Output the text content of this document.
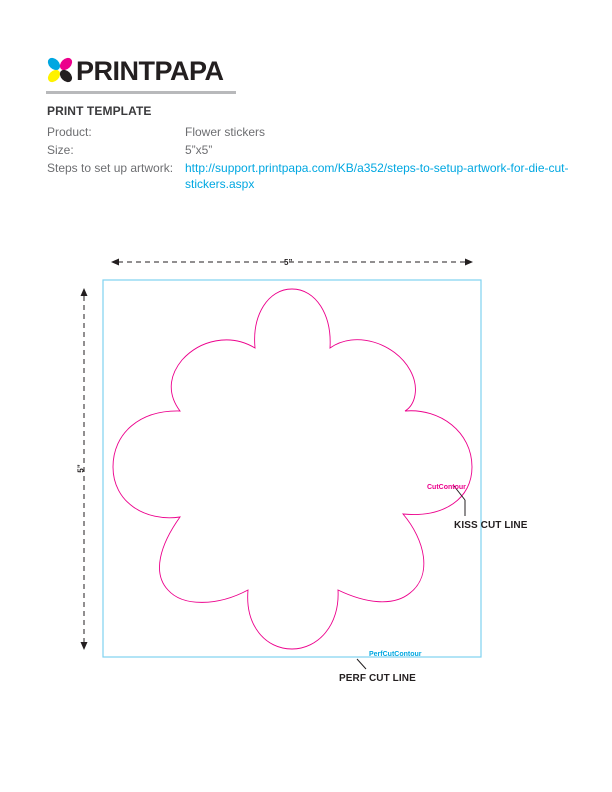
PRINTPAPA
PRINT TEMPLATE
Product:	Flower stickers
Size:	5”x5”
Steps to set up artwork: http://support.printpapa.com/KB/a352/steps-to-setup-artwork-for-die-cut-stickers.aspx
5”
5”
CutContour
KISS CUT LINE
PerfCutContour
PERF CUT LINE
